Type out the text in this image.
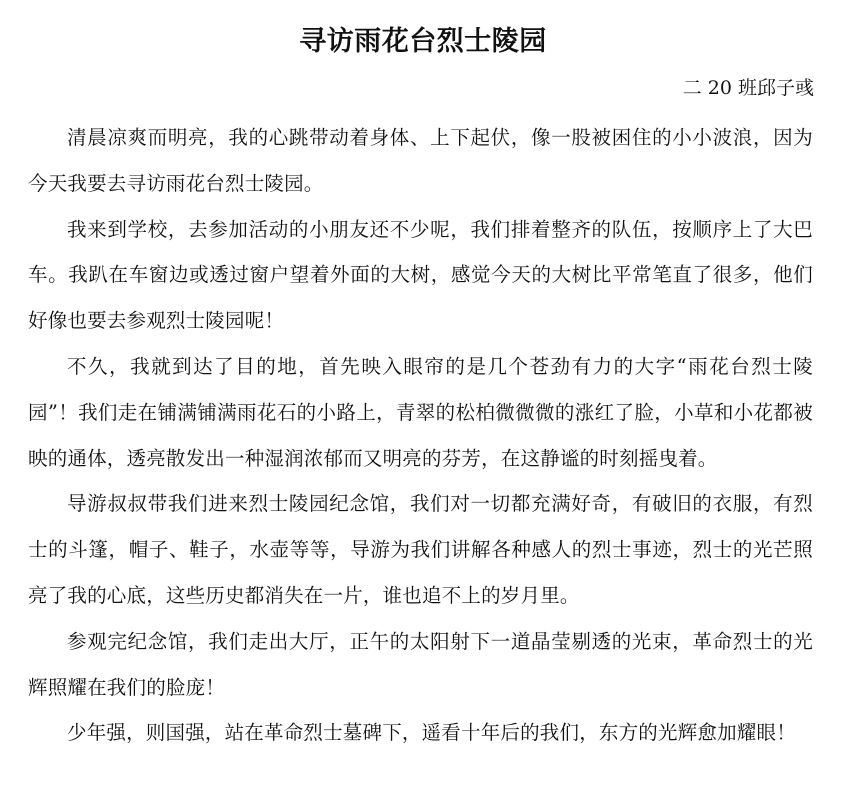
寻访雨花台烈士陵园
二 20 班邱子彧

清晨凉爽而明亮，我的心跳带动着身体、上下起伏，像一股被困住的小小波浪，因为今天我要去寻访雨花台烈士陵园。

我来到学校，去参加活动的小朋友还不少呢，我们排着整齐的队伍，按顺序上了大巴车。我趴在车窗边或透过窗户望着外面的大树，感觉今天的大树比平常笔直了很多，他们好像也要去参观烈士陵园呢！

不久，我就到达了目的地，首先映入眼帘的是几个苍劲有力的大字“雨花台烈士陵园”！我们走在铺满铺满雨花石的小路上，青翠的松柏微微微的涨红了脸，小草和小花都被映的通体，透亮散发出一种湿润浓郁而又明亮的芬芳，在这静谧的时刻摇曳着。

导游叔叔带我们进来烈士陵园纪念馆，我们对一切都充满好奇，有破旧的衣服，有烈士的斗篷，帽子、鞋子，水壶等等，导游为我们讲解各种感人的烈士事迹，烈士的光芒照亮了我的心底，这些历史都消失在一片，谁也追不上的岁月里。

参观完纪念馆，我们走出大厅，正午的太阳射下一道晶莹剔透的光束，革命烈士的光辉照耀在我们的脸庞！

少年强，则国强，站在革命烈士墓碑下，遥看十年后的我们，东方的光辉愈加耀眼！
